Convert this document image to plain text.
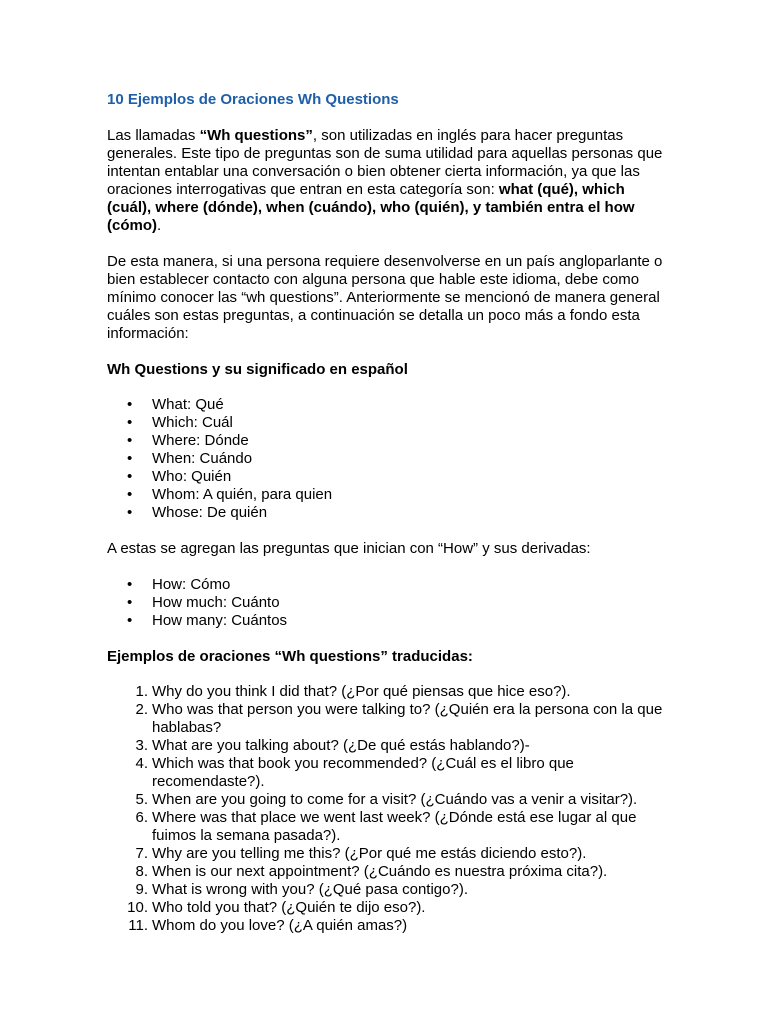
10 Ejemplos de Oraciones Wh Questions

Las llamadas “Wh questions”, son utilizadas en inglés para hacer preguntas generales. Este tipo de preguntas son de suma utilidad para aquellas personas que intentan entablar una conversación o bien obtener cierta información, ya que las oraciones interrogativas que entran en esta categoría son: what (qué), which (cuál), where (dónde), when (cuándo), who (quién), y también entra el how (cómo).

De esta manera, si una persona requiere desenvolverse en un país angloparlante o bien establecer contacto con alguna persona que hable este idioma, debe como mínimo conocer las “wh questions”. Anteriormente se mencionó de manera general cuáles son estas preguntas, a continuación se detalla un poco más a fondo esta información:

Wh Questions y su significado en español
• What: Qué
• Which: Cuál
• Where: Dónde
• When: Cuándo
• Who: Quién
• Whom: A quién, para quien
• Whose: De quién

A estas se agregan las preguntas que inician con “How” y sus derivadas:

• How: Cómo
• How much: Cuánto
• How many: Cuántos
Ejemplos de oraciones “Wh questions” traducidas:
1. Why do you think I did that? (¿Por qué piensas que hice eso?).
2. Who was that person you were talking to? (¿Quién era la persona con la que hablabas?
3. What are you talking about? (¿De qué estás hablando?)-
4. Which was that book you recommended? (¿Cuál es el libro que recomendaste?).
5. When are you going to come for a visit? (¿Cuándo vas a venir a visitar?).
6. Where was that place we went last week? (¿Dónde está ese lugar al que fuimos la semana pasada?).
7. Why are you telling me this? (¿Por qué me estás diciendo esto?).
8. When is our next appointment? (¿Cuándo es nuestra próxima cita?).
9. What is wrong with you? (¿Qué pasa contigo?).
10. Who told you that? (¿Quién te dijo eso?).
11. Whom do you love? (¿A quién amas?)
